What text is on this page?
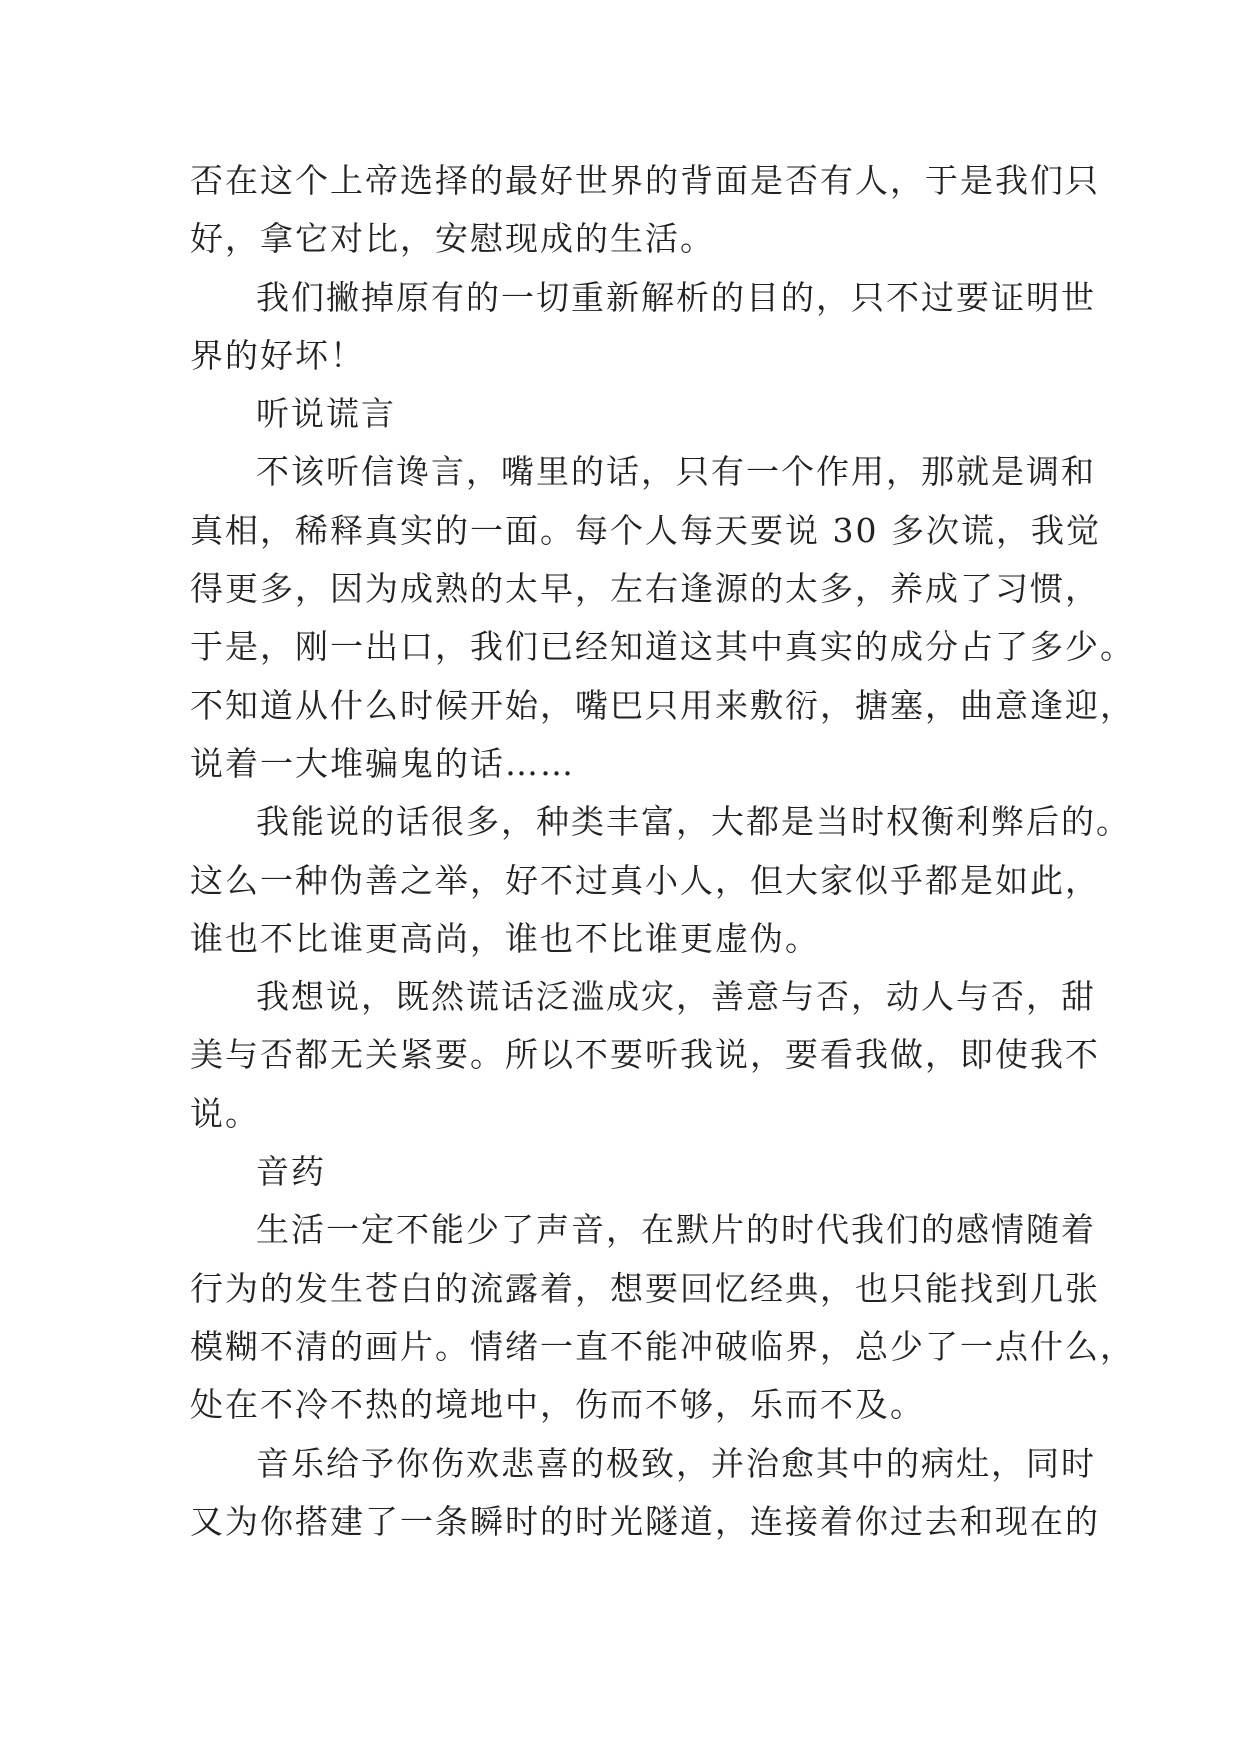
否在这个上帝选择的最好世界的背面是否有人，于是我们只
好，拿它对比，安慰现成的生活。
我们撇掉原有的一切重新解析的目的，只不过要证明世
界的好坏！
听说谎言
不该听信谗言，嘴里的话，只有一个作用，那就是调和
真相，稀释真实的一面。每个人每天要说 30 多次谎，我觉
得更多，因为成熟的太早，左右逢源的太多，养成了习惯，
于是，刚一出口，我们已经知道这其中真实的成分占了多少。
不知道从什么时候开始，嘴巴只用来敷衍，搪塞，曲意逢迎，
说着一大堆骗鬼的话……
我能说的话很多，种类丰富，大都是当时权衡利弊后的。
这么一种伪善之举，好不过真小人，但大家似乎都是如此，
谁也不比谁更高尚，谁也不比谁更虚伪。
我想说，既然谎话泛滥成灾，善意与否，动人与否，甜
美与否都无关紧要。所以不要听我说，要看我做，即使我不
说。
音药
生活一定不能少了声音，在默片的时代我们的感情随着
行为的发生苍白的流露着，想要回忆经典，也只能找到几张
模糊不清的画片。情绪一直不能冲破临界，总少了一点什么，
处在不冷不热的境地中，伤而不够，乐而不及。
音乐给予你伤欢悲喜的极致，并治愈其中的病灶，同时
又为你搭建了一条瞬时的时光隧道，连接着你过去和现在的
